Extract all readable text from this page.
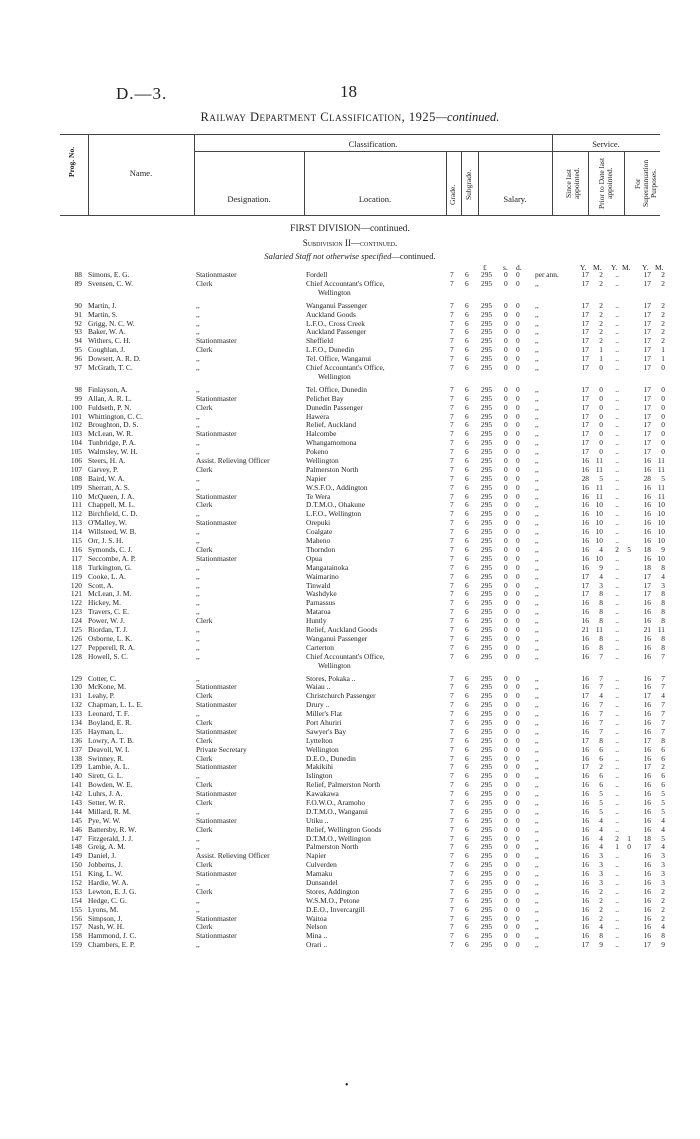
D.—3.	18
Railway Department Classification, 1925—continued.
Prog. No.	Name.
Classification.
Designation.	Location.	Grade. Subgrade.	Salary.
Service.
Since last appointed. Prior to Date last appointed.	For Superannuation Purposes.
FIRST DIVISION—continued.
Subdivision II—continued.
Salaried Staff not otherwise specified—continued.
£ s. d.	Y. M. Y. M. Y. M.
88 Simons, E. G.	Stationmaster	Fordell	7 6 295 0 0 per ann.	17	2	..	17	2
89 Svensen, C. W.	Clerk	Chief Accountant's Office,	7 6 295 0 0 ,,	17	2	..	17	2
Wellington
90 Martin, J.	,,	Wanganui Passenger	7 6 295 0 0 ,,	17	2	..	17	2
91 Martin, S.	,,	Auckland Goods	7 6 295 0 0 ,,	17	2	..	17	2
92 Grigg, N. C. W.	,,	L.F.O., Cross Creek	7 6 295 0 0 ,,	17	2	..	17	2
93 Baker, W. A.	,,	Auckland Passenger	7 6 295 0 0 ,,	17	2	..	17	2
94 Withers, C. H.	Stationmaster	Sheffield	7 6 295 0 0 ,,	17	2	..	17	2
95 Coughlan, J.	Clerk	L.F.O., Dunedin	7 6 295 0 0 ,,	17	1	..	17	1
96 Dowsett, A. R. D.	,,	Tel. Office, Wanganui	7 6 295 0 0 ,,	17	1	..	17	1
97 McGrath, T. C.	,,	Chief Accountant's Office,	7 6 295 0 0 ,,	17	0	..	17	0
Wellington
98 Finlayson, A.	,,	Tel. Office, Dunedin	7 6 295 0 0 ,,	17	0	..	17	0
99 Allan, A. R. L.	Stationmaster	Pelichet Bay	7 6 295 0 0 ,,	17	0	..	17	0
100 Fuldseth, P. N.	Clerk	Dunedin Passenger	7 6 295 0 0 ,,	17	0	..	17	0
101 Whittington, C. C.	,,	Hawera	7 6 295 0 0 ,,	17	0	..	17	0
102 Broughton, D. S.	,,	Relief, Auckland	7 6 295 0 0 ,,	17	0	..	17	0
103 McLean, W. R.	Stationmaster	Halcombe	7 6 295 0 0 ,,	17	0	..	17	0
104 Tunbridge, P. A.	,,	Whangamomona	7 6 295 0 0 ,,	17	0	..	17	0
105 Walmsley, W. H.	,,	Pokeno	7 6 295 0 0 ,,	17	0	..	17	0
106 Steers, H. A.	Assist. Relieving Officer	Wellington	7 6 295 0 0 ,,	16 11	..	16 11
107 Garvey, P.	Clerk	Palmerston North	7 6 295 0 0 ,,	16 11	..	16 11
108 Baird, W. A.	,,	Napier	7 6 295 0 0 ,,	28	5	..	28	5
109 Sherratt, A. S.	,,	W.S.F.O., Addington	7 6 295 0 0 ,,	16 11	..	16 11
110 McQueen, J. A.	Stationmaster	Te Wera	7 6 295 0 0 ,,	16 11	..	16 11
111 Chappell, M. L.	Clerk	D.T.M.O., Ohakune	7 6 295 0 0 ,,	16 10	..	16 10
112 Birchfield, C. D.	,,	L.F.O., Wellington	7 6 295 0 0 ,,	16 10	..	16 10
113 O'Malley, W.	Stationmaster	Orepuki	7 6 295 0 0 ,,	16 10	..	16 10
114 Willsteed, W. B.	,,	Coalgate	7 6 295 0 0 ,,	16 10	..	16 10
115 Orr, J. S. H.	,,	Maheno	7 6 295 0 0 ,,	16 10	..	16 10
116 Symonds, C. J.	Clerk	Thorndon	7 6 295 0 0 ,,	16	4	2	5	18	9
117 Seccombe, A. P.	Stationmaster	Opua	7 6 295 0 0 ,,	16 10	..	16 10
118 Turkington, G.	,,	Mangatainoka	7 6 295 0 0 ,,	16	9	..	18	8
119 Cooke, L. A.	,,	Waimarino	7 6 295 0 0 ,,	17	4	..	17	4
120 Scott, A.	,,	Tinwald	7 6 295 0 0 ,,	17	3	..	17	3
121 McLean, J. M.	,,	Washdyke	7 6 295 0 0 ,,	17	8	..	17	8
122 Hickey, M.	,,	Parnassus	7 6 295 0 0 ,,	16	8	..	16	8
123 Travers, C. E.	,,	Mataroa	7 6 295 0 0 ,,	16	8	..	16	8
124 Power, W. J.	Clerk	Huntly	7 6 295 0 0 ,,	16	8	..	16	8
125 Riordan, T. J.	,,	Relief, Auckland Goods	7 6 295 0 0 ,,	21 11	..	21 11
126 Osborne, L. K.	,,	Wanganui Passenger	7 6 295 0 0 ,,	16	8	..	16	8
127 Pepperell, R. A.	,,	Carterton	7 6 295 0 0 ,,	16	8	..	16	8
128 Howell, S. C.	,,	Chief Accountant's Office,	7 6 295 0 0 ,,	16	7	..	16	7
Wellington
129 Cotter, C.	,,	Stores, Pokaka ..	7 6 295 0 0 ,,	16	7	..	16	7
130 McKone, M.	Stationmaster	Waiau ..	7 6 295 0 0 ,,	16	7	..	16	7
131 Leahy, P.	Clerk	Christchurch Passenger	7 6 295 0 0 ,,	17	4	..	17	4
132 Chapman, L. L. E.	Stationmaster	Drury ..	7 6 295 0 0 ,,	16	7	..	16	7
133 Leonard, T. F.	,,	Miller's Flat	7 6 295 0 0 ,,	16	7	..	16	7
134 Boyland, E. R.	Clerk	Port Ahuriri	7 6 295 0 0 ,,	16	7	..	16	7
135 Hayman, L.	Stationmaster	Sawyer's Bay	7 6 295 0 0 ,,	16	7	..	16	7
136 Lowry, A. T. B.	Clerk	Lyttelton	7 6 295 0 0 ,,	17	8	..	17	8
137 Deavoll, W. I.	Private Secretary	Wellington	7 6 295 0 0 ,,	16	6	..	16	6
138 Swinney, R.	Clerk	D.E.O., Dunedin	7 6 295 0 0 ,,	16	6	..	16	6
139 Lambie, A. L.	Stationmaster	Makikihi	7 6 295 0 0 ,,	17	2	..	17	2
140 Sirett, G. L.	,,	Islington	7 6 295 0 0 ,,	16	6	..	16	6
141 Bowden, W. E.	Clerk	Relief, Palmerston North	7 6 295 0 0 ,,	16	6	..	16	6
142 Luhrs, J. A.	Stationmaster	Kawakawa	7 6 295 0 0 ,,	16	5	..	16	5
143 Setter, W. R.	Clerk	F.O.W.O., Aramoho	7 6 295 0 0 ,,	16	5	..	16	5
144 Millard, R. M.	,,	D.T.M.O., Wanganui	7 6 295 0 0 ,,	16	5	..	16	5
145 Pye, W. W.	Stationmaster	Utiku ..	7 6 295 0 0 ,,	16	4	..	16	4
146 Battersby, R. W.	Clerk	Relief, Wellington Goods	7 6 295 0 0 ,,	16	4	..	16	4
147 Fitzgerald, J. J.	,,	D.T.M.O., Wellington	7 6 295 0 0 ,,	16	4	2	1	18	5
148 Greig, A. M.	,,	Palmerston North	7 6 295 0 0 ,,	16	4	1	0	17	4
149 Daniel, J.	Assist. Relieving Officer	Napier	7 6 295 0 0 ,,	16	3	..	16	3
150 Jobberns, J.	Clerk	Culverden	7 6 295 0 0 ,,	16	3	..	16	3
151 King, L. W.	Stationmaster	Mamaku	7 6 295 0 0 ,,	16	3	..	16	3
152 Hardie, W. A.	,,	Dunsandel	7 6 295 0 0 ,,	16	3	..	16	3
153 Lewton, E. J. G.	Clerk	Stores, Addington	7 6 295 0 0 ,,	16	2	..	16	2
154 Hedge, C. G.	,,	W.S.M.O., Petone	7 6 295 0 0 ,,	16	2	..	16	2
155 Lyons, M.	,,	D.E.O., Invercargill	7 6 295 0 0 ,,	16	2	..	16	2
156 Simpson, J.	Stationmaster	Waitoa	7 6 295 0 0 ,,	16	2	..	16	2
157 Nash, W. H.	Clerk	Nelson	7 6 295 0 0 ,,	16	4	..	16	4
158 Hammond, J. C.	Stationmaster	Mina ..	7 6 295 0 0 ,,	16	8	..	16	8
159 Chambers, E. P.	,,	Orari ..	7 6 295 0 0 ,,	17	9	..	17	9
•
